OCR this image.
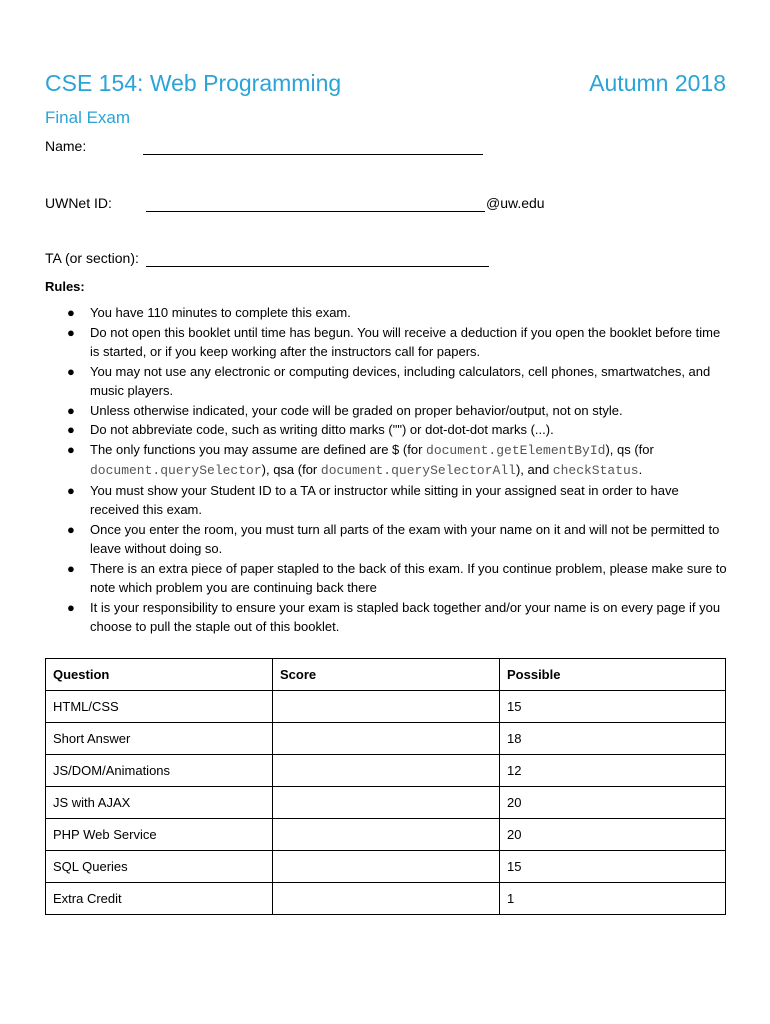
CSE 154: Web Programming	Autumn 2018
Final Exam
Name:
UWNet ID:	@uw.edu
TA (or section):
Rules:
● You have 110 minutes to complete this exam.
● Do not open this booklet until time has begun. You will receive a deduction if you open the booklet before time is started, or if you keep working after the instructors call for papers.
● You may not use any electronic or computing devices, including calculators, cell phones, smartwatches, and music players.
● Unless otherwise indicated, your code will be graded on proper behavior/output, not on style.
● Do not abbreviate code, such as writing ditto marks ("") or dot-dot-dot marks (...).
● The only functions you may assume are defined are $ (for document.getElementById), qs (for document.querySelector), qsa (for document.querySelectorAll), and checkStatus.
● You must show your Student ID to a TA or instructor while sitting in your assigned seat in order to have received this exam.
● Once you enter the room, you must turn all parts of the exam with your name on it and will not be permitted to leave without doing so.
● There is an extra piece of paper stapled to the back of this exam. If you continue problem, please make sure to note which problem you are continuing back there
● It is your responsibility to ensure your exam is stapled back together and/or your name is on every page if you choose to pull the staple out of this booklet.
Question	Score	Possible
HTML/CSS		15
Short Answer		18
JS/DOM/Animations		12
JS with AJAX		20
PHP Web Service		20
SQL Queries		15
Extra Credit		1
